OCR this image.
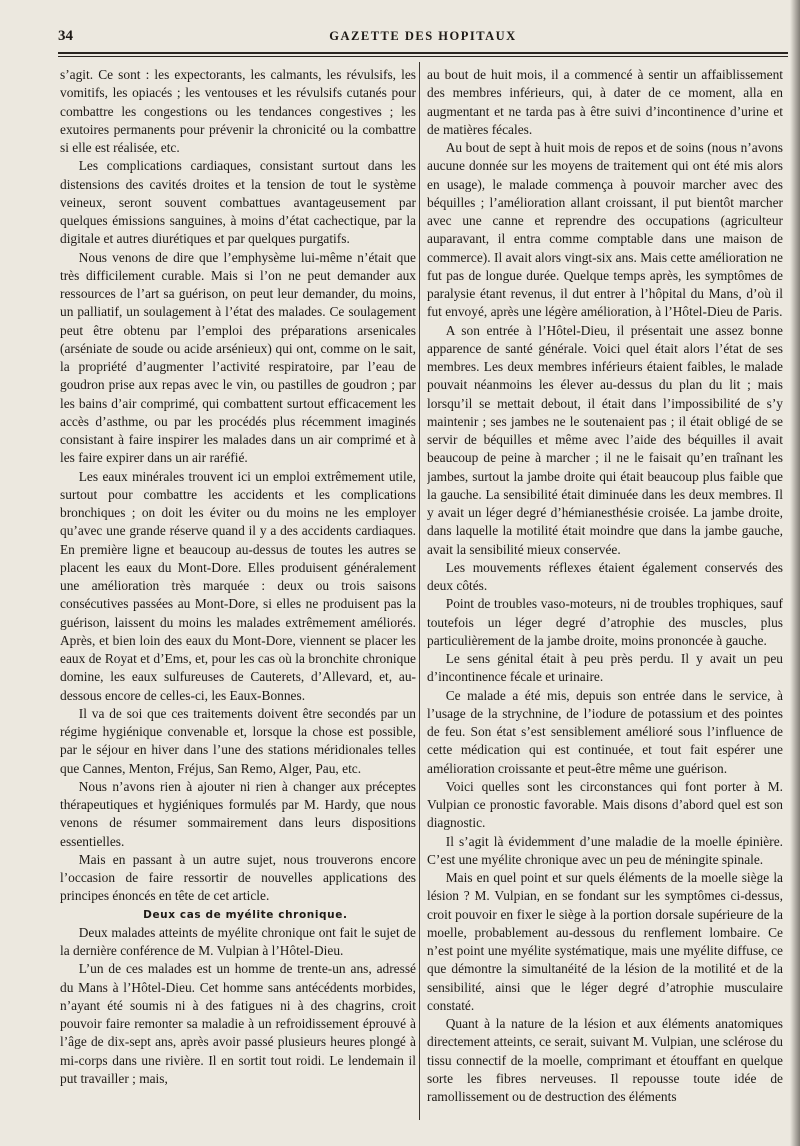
34	GAZETTE DES HOPITAUX

s’agit. Ce sont : les expectorants, les calmants, les révulsifs, les vomitifs, les opiacés ; les ventouses et les révulsifs cutanés pour combattre les congestions ou les tendances congestives ; les exutoires permanents pour prévenir la chronicité ou la combattre si elle est réalisée, etc.

Les complications cardiaques, consistant surtout dans les distensions des cavités droites et la tension de tout le système veineux, seront souvent combattues avantageusement par quelques émissions sanguines, à moins d’état cachectique, par la digitale et autres diurétiques et par quelques purgatifs.

Nous venons de dire que l’emphysème lui-même n’était que très difficilement curable. Mais si l’on ne peut demander aux ressources de l’art sa guérison, on peut leur demander, du moins, un palliatif, un soulagement à l’état des malades. Ce soulagement peut être obtenu par l’emploi des préparations arsenicales (arséniate de soude ou acide arsénieux) qui ont, comme on le sait, la propriété d’augmenter l’activité respiratoire, par l’eau de goudron prise aux repas avec le vin, ou pastilles de goudron ; par les bains d’air comprimé, qui combattent surtout efficacement les accès d’asthme, ou par les procédés plus récemment imaginés consistant à faire inspirer les malades dans un air comprimé et à les faire expirer dans un air raréfié.

Les eaux minérales trouvent ici un emploi extrêmement utile, surtout pour combattre les accidents et les complications bronchiques ; on doit les éviter ou du moins ne les employer qu’avec une grande réserve quand il y a des accidents cardiaques. En première ligne et beaucoup au-dessus de toutes les autres se placent les eaux du Mont-Dore. Elles produisent généralement une amélioration très marquée : deux ou trois saisons consécutives passées au Mont-Dore, si elles ne produisent pas la guérison, laissent du moins les malades extrêmement améliorés. Après, et bien loin des eaux du Mont-Dore, viennent se placer les eaux de Royat et d’Ems, et, pour les cas où la bronchite chronique domine, les eaux sulfureuses de Cauterets, d’Allevard, et, au-dessous encore de celles-ci, les Eaux-Bonnes.

Il va de soi que ces traitements doivent être secondés par un régime hygiénique convenable et, lorsque la chose est possible, par le séjour en hiver dans l’une des stations méridionales telles que Cannes, Menton, Fréjus, San Remo, Alger, Pau, etc.

Nous n’avons rien à ajouter ni rien à changer aux préceptes thérapeutiques et hygiéniques formulés par M. Hardy, que nous venons de résumer sommairement dans leurs dispositions essentielles.

Mais en passant à un autre sujet, nous trouverons encore l’occasion de faire ressortir de nouvelles applications des principes énoncés en tête de cet article.

Deux cas de myélite chronique.

Deux malades atteints de myélite chronique ont fait le sujet de la dernière conférence de M. Vulpian à l’Hôtel-Dieu.

L’un de ces malades est un homme de trente-un ans, adressé du Mans à l’Hôtel-Dieu. Cet homme sans antécédents morbides, n’ayant été soumis ni à des fatigues ni à des chagrins, croit pouvoir faire remonter sa maladie à un refroidissement éprouvé à l’âge de dix-sept ans, après avoir passé plusieurs heures plongé à mi-corps dans une rivière. Il en sortit tout roidi. Le lendemain il put travailler ; mais,

au bout de huit mois, il a commencé à sentir un affaiblissement des membres inférieurs, qui, à dater de ce moment, alla en augmentant et ne tarda pas à être suivi d’incontinence d’urine et de matières fécales.

Au bout de sept à huit mois de repos et de soins (nous n’avons aucune donnée sur les moyens de traitement qui ont été mis alors en usage), le malade commença à pouvoir marcher avec des béquilles ; l’amélioration allant croissant, il put bientôt marcher avec une canne et reprendre des occupations (agriculteur auparavant, il entra comme comptable dans une maison de commerce). Il avait alors vingt-six ans. Mais cette amélioration ne fut pas de longue durée. Quelque temps après, les symptômes de paralysie étant revenus, il dut entrer à l’hôpital du Mans, d’où il fut envoyé, après une légère amélioration, à l’Hôtel-Dieu de Paris.

A son entrée à l’Hôtel-Dieu, il présentait une assez bonne apparence de santé générale. Voici quel était alors l’état de ses membres. Les deux membres inférieurs étaient faibles, le malade pouvait néanmoins les élever au-dessus du plan du lit ; mais lorsqu’il se mettait debout, il était dans l’impossibilité de s’y maintenir ; ses jambes ne le soutenaient pas ; il était obligé de se servir de béquilles et même avec l’aide des béquilles il avait beaucoup de peine à marcher ; il ne le faisait qu’en traînant les jambes, surtout la jambe droite qui était beaucoup plus faible que la gauche. La sensibilité était diminuée dans les deux membres. Il y avait un léger degré d’hémianesthésie croisée. La jambe droite, dans laquelle la motilité était moindre que dans la jambe gauche, avait la sensibilité mieux conservée.

Les mouvements réflexes étaient également conservés des deux côtés.

Point de troubles vaso-moteurs, ni de troubles trophiques, sauf toutefois un léger degré d’atrophie des muscles, plus particulièrement de la jambe droite, moins prononcée à gauche.

Le sens génital était à peu près perdu. Il y avait un peu d’incontinence fécale et urinaire.

Ce malade a été mis, depuis son entrée dans le service, à l’usage de la strychnine, de l’iodure de potassium et des pointes de feu. Son état s’est sensiblement amélioré sous l’influence de cette médication qui est continuée, et tout fait espérer une amélioration croissante et peut-être même une guérison.

Voici quelles sont les circonstances qui font porter à M. Vulpian ce pronostic favorable. Mais disons d’abord quel est son diagnostic.

Il s’agit là évidemment d’une maladie de la moelle épinière. C’est une myélite chronique avec un peu de méningite spinale.

Mais en quel point et sur quels éléments de la moelle siège la lésion ? M. Vulpian, en se fondant sur les symptômes ci-dessus, croit pouvoir en fixer le siège à la portion dorsale supérieure de la moelle, probablement au-dessous du renflement lombaire. Ce n’est point une myélite systématique, mais une myélite diffuse, ce que démontre la simultanéité de la lésion de la motilité et de la sensibilité, ainsi que le léger degré d’atrophie musculaire constaté.

Quant à la nature de la lésion et aux éléments anatomiques directement atteints, ce serait, suivant M. Vulpian, une sclérose du tissu connectif de la moelle, comprimant et étouffant en quelque sorte les fibres nerveuses. Il repousse toute idée de ramollissement ou de destruction des éléments
